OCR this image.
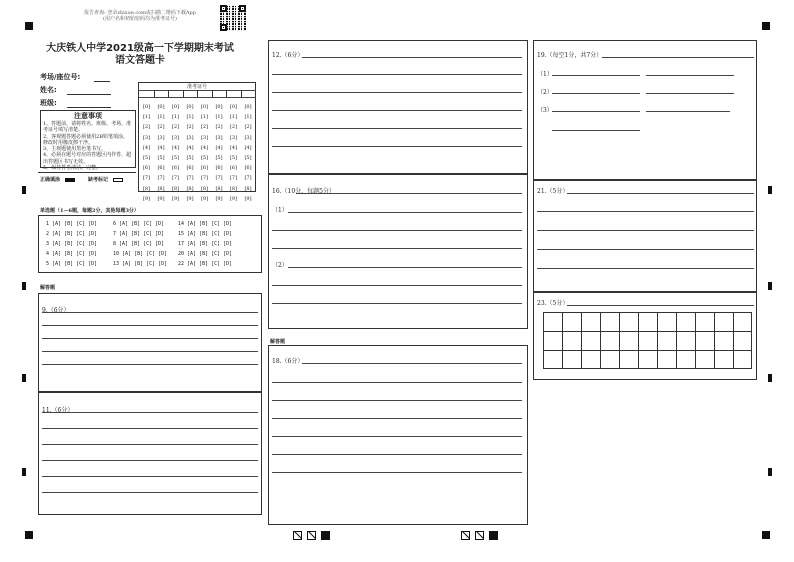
报告查询: 登录zhixue.com或扫描二维码下载App
(用户名和初始密码均为准考证号)
大庆铁人中学2021级高一下学期期末考试
语文答题卡
考场/座位号:
姓名:
班级:
注意事项
1、答题前，请将姓名、班级、考场、准考证号填写清楚。
2、客观题答题必须使用2B铅笔填涂，修改时用橡皮擦干净。
3、主观题使用黑色笔书写。
4、必须在题号对应的答题区内作答，超出答题区书写无效。
5、保持答卷清洁、完整。
准考证号
[0]
[1]
[2]
[3]
[4]
[5]
[6]
[7]
[8]
[9]
[0]
[1]
[2]
[3]
[4]
[5]
[6]
[7]
[8]
[9]
[0]
[1]
[2]
[3]
[4]
[5]
[6]
[7]
[8]
[9]
[0]
[1]
[2]
[3]
[4]
[5]
[6]
[7]
[8]
[9]
[0]
[1]
[2]
[3]
[4]
[5]
[6]
[7]
[8]
[9]
[0]
[1]
[2]
[3]
[4]
[5]
[6]
[7]
[8]
[9]
[0]
[1]
[2]
[3]
[4]
[5]
[6]
[7]
[8]
[9]
[0]
[1]
[2]
[3]
[4]
[5]
[6]
[7]
[8]
[9]
正确填涂	缺考标记
单选题（1—6题，每题2分，其他每题3分）
1 [A] [B] [C] [D]
2 [A] [B] [C] [D]
3 [A] [B] [C] [D]
4 [A] [B] [C] [D]
5 [A] [B] [C] [D]
6 [A] [B] [C] [D]
7 [A] [B] [C] [D]
8 [A] [B] [C] [D]
10 [A] [B] [C] [D]
13 [A] [B] [C] [D]
14 [A] [B] [C] [D]
15 [A] [B] [C] [D]
17 [A] [B] [C] [D]
20 [A] [B] [C] [D]
22 [A] [B] [C] [D]
解答题
9.（6分）
11.（6分）
12.（6分）
16.（10分，每题5分）
（1）
（2）
解答题
18.（6分）
19.（每空1分，共7分）
（1）
（2）
（3）
21.（5分）
23.（5分）
